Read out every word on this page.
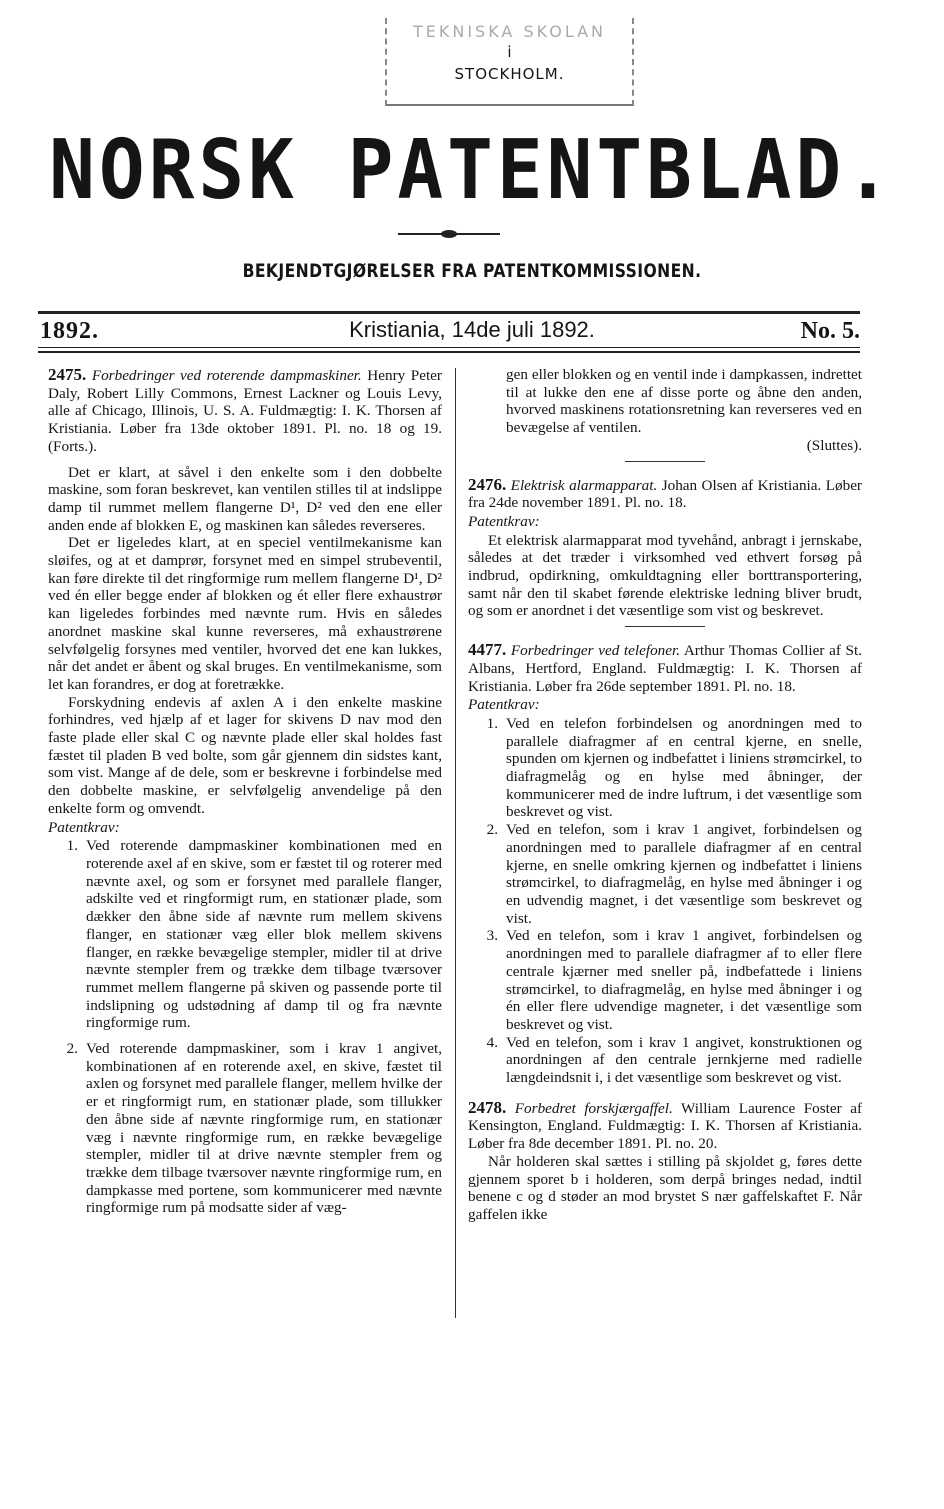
TEKNISKA SKOLAN
i
STOCKHOLM.
NORSK PATENTBLAD.
BEKJENDTGJØRELSER FRA PATENTKOMMISSIONEN.
1892.	Kristiania, 14de juli 1892.	No. 5.

2475. Forbedringer ved roterende dampmaskiner. Henry Peter Daly, Robert Lilly Commons, Ernest Lackner og Louis Levy, alle af Chicago, Illinois, U. S. A. Fuldmægtig: I. K. Thorsen af Kristiania. Løber fra 13de oktober 1891. Pl. no. 18 og 19. (Forts.).

Det er klart, at såvel i den enkelte som i den dobbelte maskine, som foran beskrevet, kan ventilen stilles til at indslippe damp til rummet mellem flangerne D¹, D² ved den ene eller anden ende af blokken E, og maskinen kan således reverseres.

Det er ligeledes klart, at en speciel ventilmekanisme kan sløifes, og at et damprør, forsynet med en simpel strubeventil, kan føre direkte til det ringformige rum mellem flangerne D¹, D² ved én eller begge ender af blokken og ét eller flere exhaustrør kan ligeledes forbindes med nævnte rum. Hvis en således anordnet maskine skal kunne reverseres, må exhaustrørene selvfølgelig forsynes med ventiler, hvorved det ene kan lukkes, når det andet er åbent og skal bruges. En ventilmekanisme, som let kan forandres, er dog at foretrække.

Forskydning endevis af axlen A i den enkelte maskine forhindres, ved hjælp af et lager for skivens D nav mod den faste plade eller skal C og nævnte plade eller skal holdes fast fæstet til pladen B ved bolte, som går gjennem din sidstes kant, som vist. Mange af de dele, som er beskrevne i forbindelse med den dobbelte maskine, er selvfølgelig anvendelige på den enkelte form og omvendt.

Patentkrav:
1. Ved roterende dampmaskiner kombinationen med en roterende axel af en skive, som er fæstet til og roterer med nævnte axel, og som er forsynet med parallele flanger, adskilte ved et ringformigt rum, en stationær plade, som dækker den åbne side af nævnte rum mellem skivens flanger, en stationær væg eller blok mellem skivens flanger, en række bevægelige stempler, midler til at drive nævnte stempler frem og trække dem tilbage tværsover rummet mellem flangerne på skiven og passende porte til indslipning og udstødning af damp til og fra nævnte ringformige rum.
2. Ved roterende dampmaskiner, som i krav 1 angivet, kombinationen af en roterende axel, en skive, fæstet til axlen og forsynet med parallele flanger, mellem hvilke der er et ringformigt rum, en stationær plade, som tillukker den åbne side af nævnte ringformige rum, en stationær væg i nævnte ringformige rum, en række bevægelige stempler, midler til at drive nævnte stempler frem og trække dem tilbage tværsover nævnte ringformige rum, en dampkasse med portene, som kommunicerer med nævnte ringformige rum på modsatte sider af væg-
gen eller blokken og en ventil inde i dampkassen, indrettet til at lukke den ene af disse porte og åbne den anden, hvorved maskinens rotationsretning kan reverseres ved en bevægelse af ventilen.
(Sluttes).

2476. Elektrisk alarmapparat. Johan Olsen af Kristiania. Løber fra 24de november 1891. Pl. no. 18.

Patentkrav:

Et elektrisk alarmapparat mod tyvehånd, anbragt i jernskabe, således at det træder i virksomhed ved ethvert forsøg på indbrud, opdirkning, omkuldtagning eller borttransportering, samt når den til skabet førende elektriske ledning bliver brudt, og som er anordnet i det væsentlige som vist og beskrevet.

4477. Forbedringer ved telefoner. Arthur Thomas Collier af St. Albans, Hertford, England. Fuldmægtig: I. K. Thorsen af Kristiania. Løber fra 26de september 1891. Pl. no. 18.

Patentkrav:
1. Ved en telefon forbindelsen og anordningen med to parallele diafragmer af en central kjerne, en snelle, spunden om kjernen og indbefattet i liniens strømcirkel, to diafragmelåg og en hylse med åbninger, der kommunicerer med de indre luftrum, i det væsentlige som beskrevet og vist.
2. Ved en telefon, som i krav 1 angivet, forbindelsen og anordningen med to parallele diafragmer af en central kjerne, en snelle omkring kjernen og indbefattet i liniens strømcirkel, to diafragmelåg, en hylse med åbninger i og en udvendig magnet, i det væsentlige som beskrevet og vist.
3. Ved en telefon, som i krav 1 angivet, forbindelsen og anordningen med to parallele diafragmer af to eller flere centrale kjærner med sneller på, indbefattede i liniens strømcirkel, to diafragmelåg, en hylse med åbninger i og én eller flere udvendige magneter, i det væsentlige som beskrevet og vist.
4. Ved en telefon, som i krav 1 angivet, konstruktionen og anordningen af den centrale jernkjerne med radielle længdeindsnit i, i det væsentlige som beskrevet og vist.

2478. Forbedret forskjærgaffel. William Laurence Foster af Kensington, England. Fuldmægtig: I. K. Thorsen af Kristiania. Løber fra 8de december 1891. Pl. no. 20.

Når holderen skal sættes i stilling på skjoldet g, føres dette gjennem sporet b i holderen, som derpå bringes nedad, indtil benene c og d støder an mod brystet S nær gaffelskaftet F. Når gaffelen ikke
